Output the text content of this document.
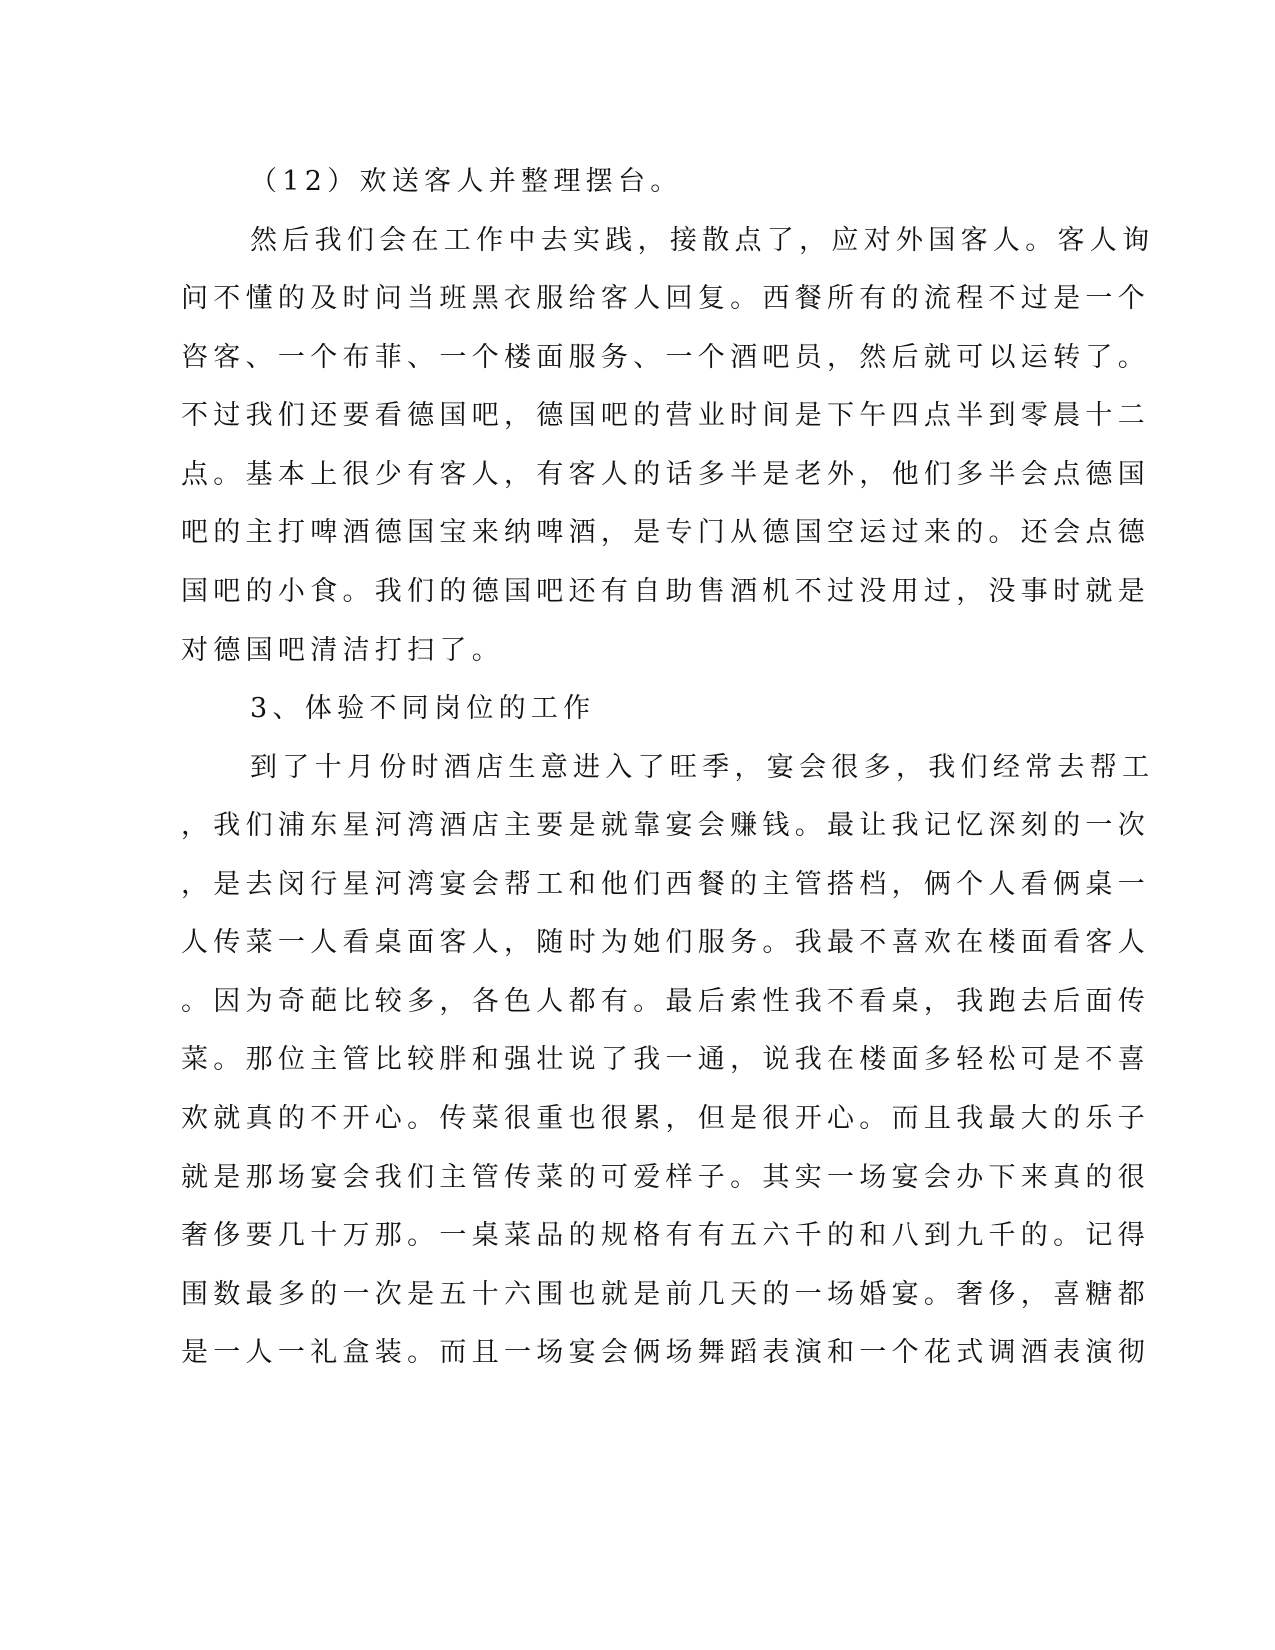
（12）欢送客人并整理摆台。

然后我们会在工作中去实践，接散点了，应对外国客人。客人询

问不懂的及时问当班黑衣服给客人回复。西餐所有的流程不过是一个

咨客、一个布菲、一个楼面服务、一个酒吧员，然后就可以运转了。

不过我们还要看德国吧，德国吧的营业时间是下午四点半到零晨十二

点。基本上很少有客人，有客人的话多半是老外，他们多半会点德国

吧的主打啤酒德国宝来纳啤酒，是专门从德国空运过来的。还会点德

国吧的小食。我们的德国吧还有自助售酒机不过没用过，没事时就是

对德国吧清洁打扫了。

3、体验不同岗位的工作

到了十月份时酒店生意进入了旺季，宴会很多，我们经常去帮工

，我们浦东星河湾酒店主要是就靠宴会赚钱。最让我记忆深刻的一次

，是去闵行星河湾宴会帮工和他们西餐的主管搭档，俩个人看俩桌一

人传菜一人看桌面客人，随时为她们服务。我最不喜欢在楼面看客人

。因为奇葩比较多，各色人都有。最后索性我不看桌，我跑去后面传

菜。那位主管比较胖和强壮说了我一通，说我在楼面多轻松可是不喜

欢就真的不开心。传菜很重也很累，但是很开心。而且我最大的乐子

就是那场宴会我们主管传菜的可爱样子。其实一场宴会办下来真的很

奢侈要几十万那。一桌菜品的规格有有五六千的和八到九千的。记得

围数最多的一次是五十六围也就是前几天的一场婚宴。奢侈，喜糖都

是一人一礼盒装。而且一场宴会俩场舞蹈表演和一个花式调酒表演彻
